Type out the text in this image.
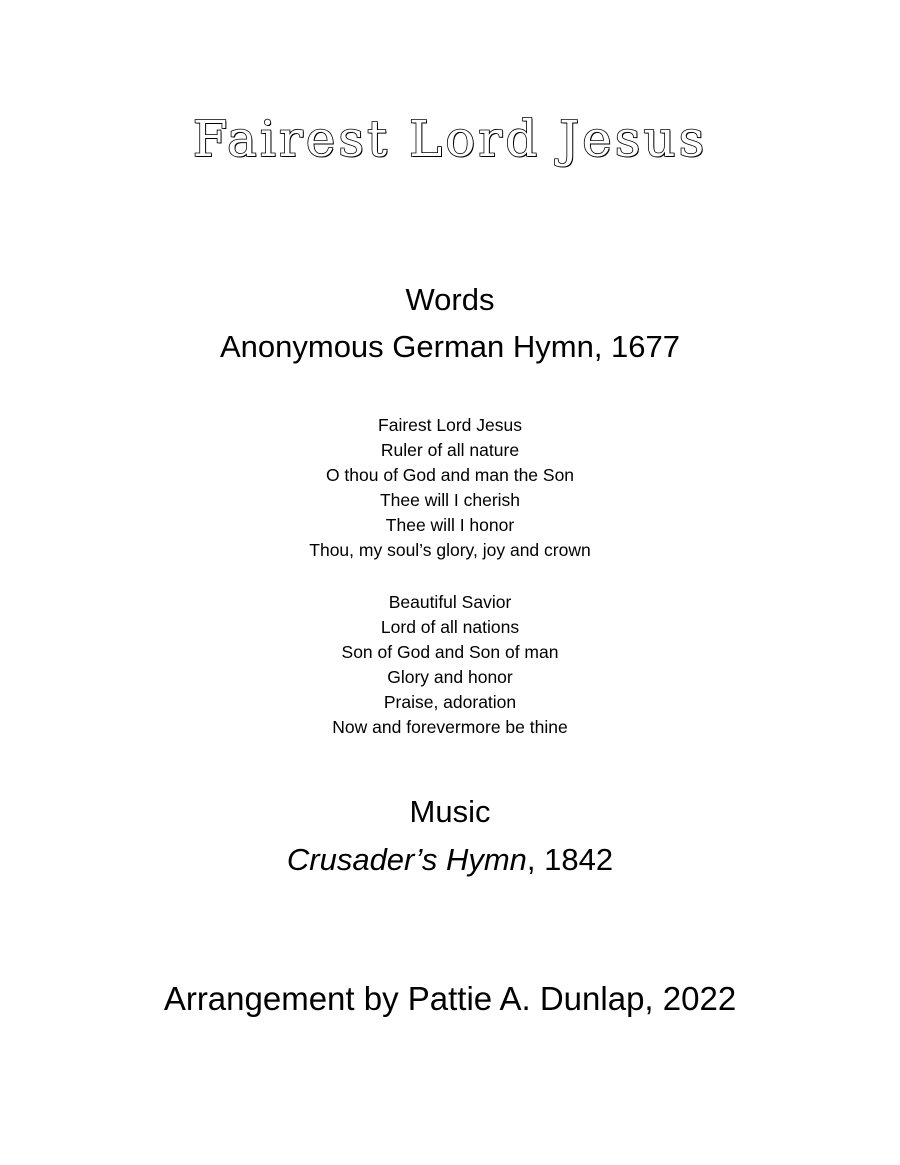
Fairest Lord Jesus
Words
Anonymous German Hymn, 1677
Fairest Lord Jesus
Ruler of all nature
O thou of God and man the Son
Thee will I cherish
Thee will I honor
Thou, my soul’s glory, joy and crown
Beautiful Savior
Lord of all nations
Son of God and Son of man
Glory and honor
Praise, adoration
Now and forevermore be thine
Music
Crusader’s Hymn, 1842
Arrangement by Pattie A. Dunlap, 2022
